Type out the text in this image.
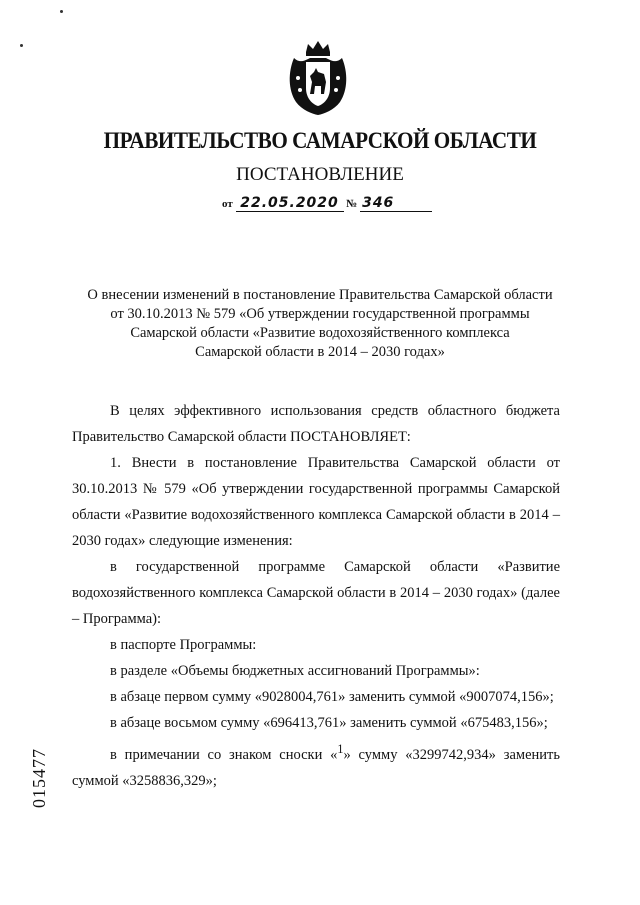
ПРАВИТЕЛЬСТВО САМАРСКОЙ ОБЛАСТИ
ПОСТАНОВЛЕНИЕ
от 22.05.2020 № 346
О внесении изменений в постановление Правительства Самарской области
от 30.10.2013 № 579 «Об утверждении государственной программы
Самарской области «Развитие водохозяйственного комплекса
Самарской области в 2014 – 2030 годах»

В целях эффективного использования средств областного бюджета Правительство Самарской области ПОСТАНОВЛЯЕТ:

1. Внести в постановление Правительства Самарской области от 30.10.2013 № 579 «Об утверждении государственной программы Самарской области «Развитие водохозяйственного комплекса Самарской области в 2014 – 2030 годах» следующие изменения:

в государственной программе Самарской области «Развитие водохозяйственного комплекса Самарской области в 2014 – 2030 годах» (далее – Программа):

в паспорте Программы:

в разделе «Объемы бюджетных ассигнований Программы»:

в абзаце первом сумму «9028004,761» заменить суммой «9007074,156»;

в абзаце восьмом сумму «696413,761» заменить суммой «675483,156»;

в примечании со знаком сноски «$^1$» сумму «3299742,934» заменить суммой «3258836,329»;

015477
